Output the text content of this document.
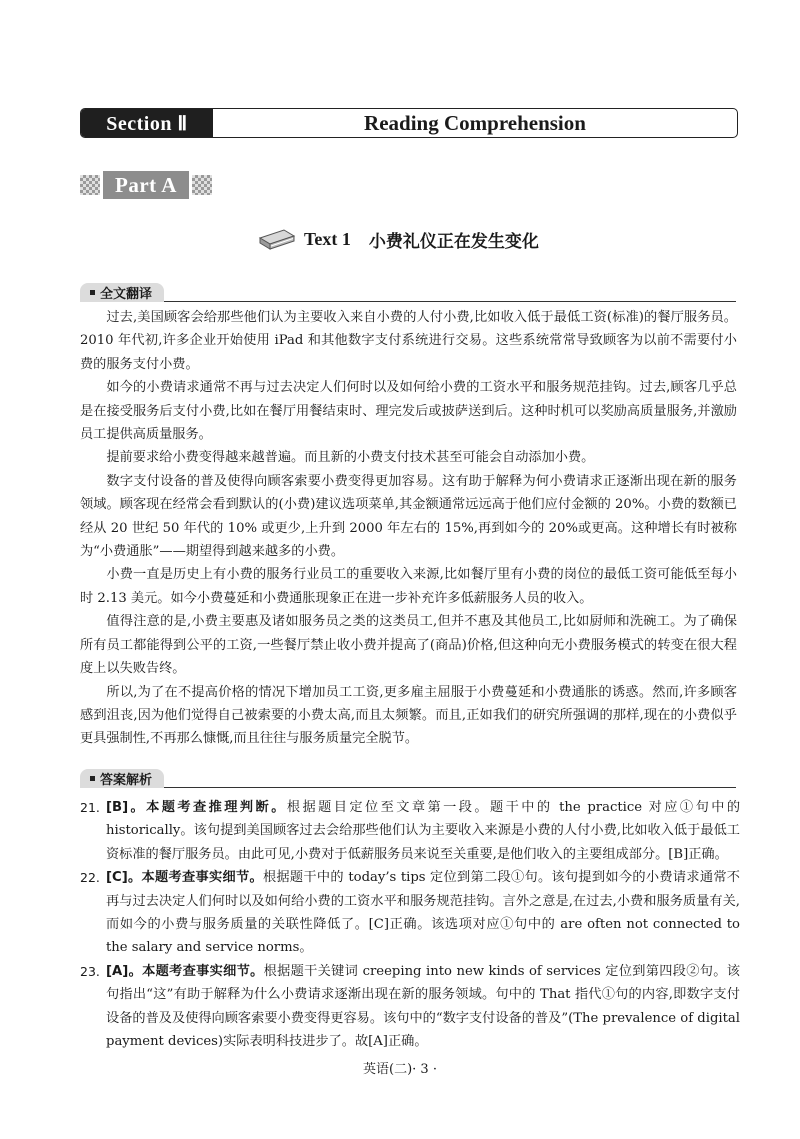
Section Ⅱ	Reading Comprehension
Part A
Text 1 小费礼仪正在发生变化
全文翻译

过去,美国顾客会给那些他们认为主要收入来自小费的人付小费,比如收入低于最低工资(标准)的餐厅服务员。2010 年代初,许多企业开始使用 iPad 和其他数字支付系统进行交易。这些系统常常导致顾客为以前不需要付小费的服务支付小费。

如今的小费请求通常不再与过去决定人们何时以及如何给小费的工资水平和服务规范挂钩。过去,顾客几乎总是在接受服务后支付小费,比如在餐厅用餐结束时、理完发后或披萨送到后。这种时机可以奖励高质量服务,并激励员工提供高质量服务。

提前要求给小费变得越来越普遍。而且新的小费支付技术甚至可能会自动添加小费。

数字支付设备的普及使得向顾客索要小费变得更加容易。这有助于解释为何小费请求正逐渐出现在新的服务领域。顾客现在经常会看到默认的(小费)建议选项菜单,其金额通常远远高于他们应付金额的 20%。小费的数额已经从 20 世纪 50 年代的 10% 或更少,上升到 2000 年左右的 15%,再到如今的 20%或更高。这种增长有时被称为“小费通胀”——期望得到越来越多的小费。

小费一直是历史上有小费的服务行业员工的重要收入来源,比如餐厅里有小费的岗位的最低工资可能低至每小时 2.13 美元。如今小费蔓延和小费通胀现象正在进一步补充许多低薪服务人员的收入。

值得注意的是,小费主要惠及诸如服务员之类的这类员工,但并不惠及其他员工,比如厨师和洗碗工。为了确保所有员工都能得到公平的工资,一些餐厅禁止收小费并提高了(商品)价格,但这种向无小费服务模式的转变在很大程度上以失败告终。

所以,为了在不提高价格的情况下增加员工工资,更多雇主屈服于小费蔓延和小费通胀的诱惑。然而,许多顾客感到沮丧,因为他们觉得自己被索要的小费太高,而且太频繁。而且,正如我们的研究所强调的那样,现在的小费似乎更具强制性,不再那么慷慨,而且往往与服务质量完全脱节。

答案解析
21. [B]。本题考查推理判断。根据题目定位至文章第一段。题干中的 the practice 对应①句中的 historically。该句提到美国顾客过去会给那些他们认为主要收入来源是小费的人付小费,比如收入低于最低工资标准的餐厅服务员。由此可见,小费对于低薪服务员来说至关重要,是他们收入的主要组成部分。[B]正确。
22. [C]。本题考查事实细节。根据题干中的 today’s tips 定位到第二段①句。该句提到如今的小费请求通常不再与过去决定人们何时以及如何给小费的工资水平和服务规范挂钩。言外之意是,在过去,小费和服务质量有关,而如今的小费与服务质量的关联性降低了。[C]正确。该选项对应①句中的 are often not connected to the salary and service norms。
23. [A]。本题考查事实细节。根据题干关键词 creeping into new kinds of services 定位到第四段②句。该句指出“这”有助于解释为什么小费请求逐渐出现在新的服务领域。句中的 That 指代①句的内容,即数字支付设备的普及及使得向顾客索要小费变得更容易。该句中的“数字支付设备的普及”(The prevalence of digital payment devices)实际表明科技进步了。故[A]正确。
英语(二)· 3 ·
